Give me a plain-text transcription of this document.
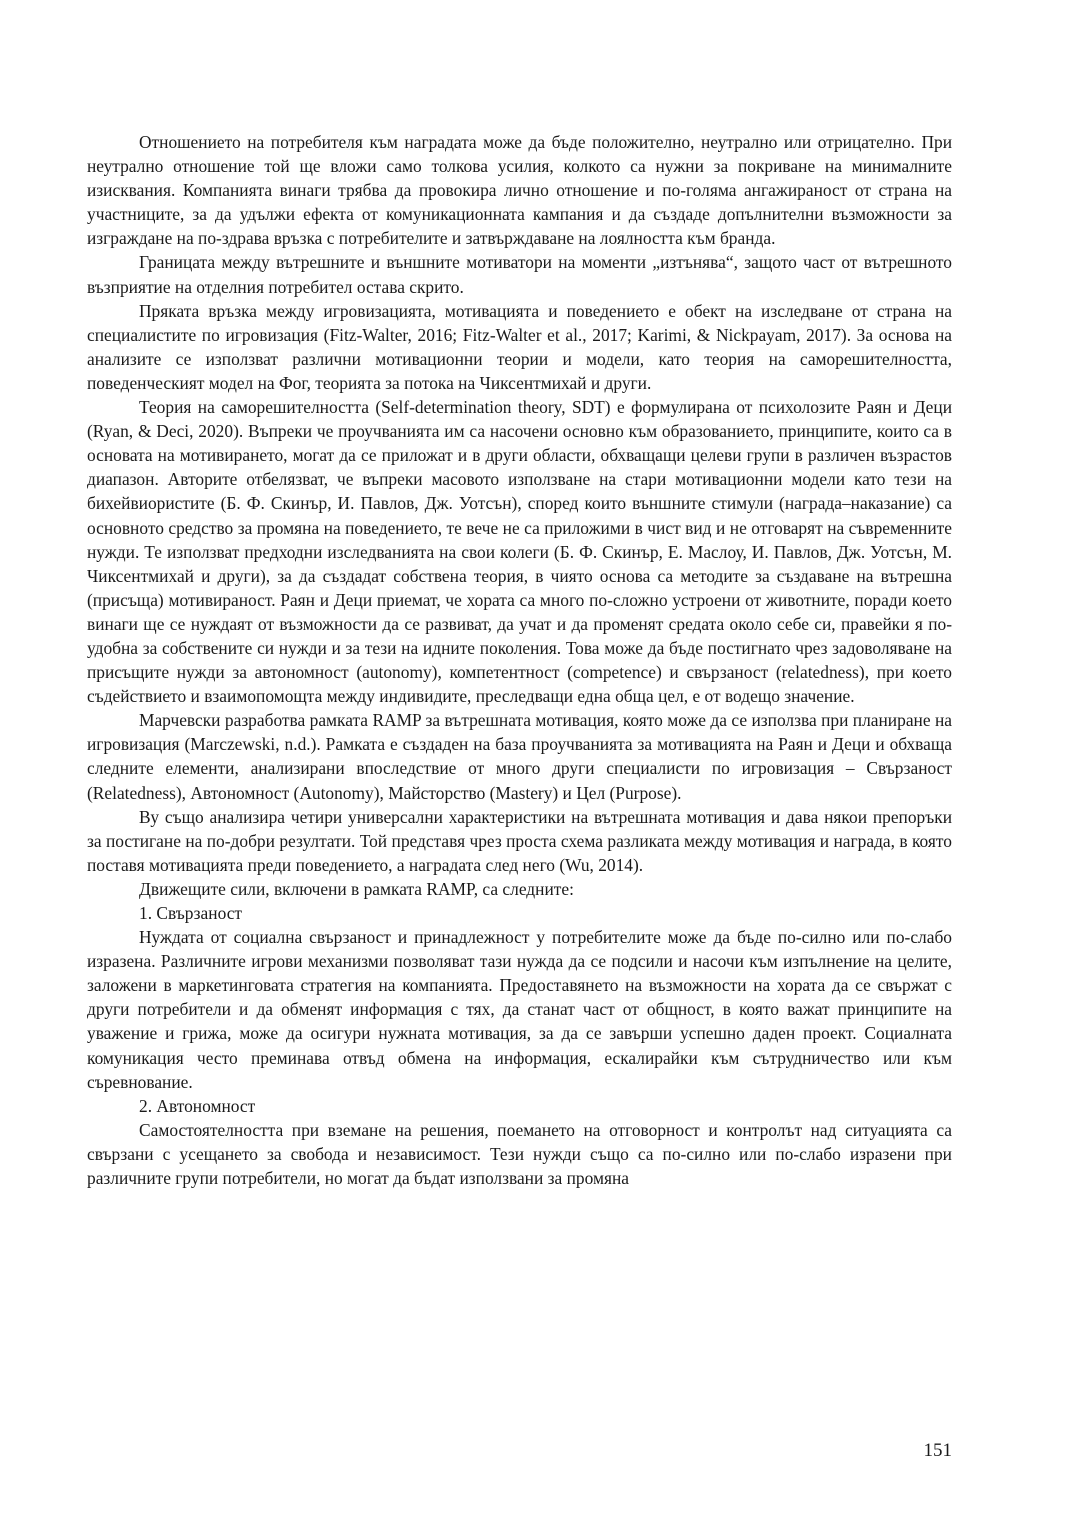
Отношението на потребителя към наградата може да бъде положително, неутрално или отрицателно. При неутрално отношение той ще вложи само толкова усилия, колкото са нужни за покриване на минималните изисквания. Компанията винаги трябва да провокира лично отношение и по-голяма ангажираност от страна на участниците, за да удължи ефекта от комуникационната кампания и да създаде допълнителни възможности за изграждане на по-здрава връзка с потребителите и затвърждаване на лоялността към бранда.

Границата между вътрешните и външните мотиватори на моменти „изтънява“, защото част от вътрешното възприятие на отделния потребител остава скрито.

Пряката връзка между игровизацията, мотивацията и поведението е обект на изследване от страна на специалистите по игровизация (Fitz-Walter, 2016; Fitz-Walter et al., 2017; Karimi, & Nickpayam, 2017). За основа на анализите се използват различни мотивационни теории и модели, като теория на саморешителността, поведенческият модел на Фог, теорията за потока на Чиксентмихай и други.

Теория на саморешителността (Self-determination theory, SDT) е формулирана от психолозите Раян и Деци (Ryan, & Deci, 2020). Въпреки че проучванията им са насочени основно към образованието, принципите, които са в основата на мотивирането, могат да се приложат и в други области, обхващащи целеви групи в различен възрастов диапазон. Авторите отбелязват, че въпреки масовото използване на стари мотивационни модели като тези на бихейвиористите (Б. Ф. Скинър, И. Павлов, Дж. Уотсън), според които външните стимули (награда–наказание) са основното средство за промяна на поведението, те вече не са приложими в чист вид и не отговарят на съвременните нужди. Те използват предходни изследванията на свои колеги (Б. Ф. Скинър, Е. Маслоу, И. Павлов, Дж. Уотсън, М. Чиксентмихай и други), за да създадат собствена теория, в чиято основа са методите за създаване на вътрешна (присъща) мотивираност. Раян и Деци приемат, че хората са много по-сложно устроени от животните, поради което винаги ще се нуждаят от възможности да се развиват, да учат и да променят средата около себе си, правейки я по-удобна за собствените си нужди и за тези на идните поколения. Това може да бъде постигнато чрез задоволяване на присъщите нужди за автономност (autonomy), компетентност (competence) и свързаност (relatedness), при което съдействието и взаимопомощта между индивидите, преследващи една обща цел, е от водещо значение.

Марчевски разработва рамката RAMP за вътрешната мотивация, която може да се използва при планиране на игровизация (Marczewski, n.d.). Рамката е създаден на база проучванията за мотивацията на Раян и Деци и обхваща следните елементи, анализирани впоследствие от много други специалисти по игровизация – Свързаност (Relatedness), Автономност (Autonomy), Майсторство (Mastery) и Цел (Purpose).

Ву също анализира четири универсални характеристики на вътрешната мотивация и дава някои препоръки за постигане на по-добри резултати. Той представя чрез проста схема разликата между мотивация и награда, в която поставя мотивацията преди поведението, а наградата след него (Wu, 2014).

Движещите сили, включени в рамката RAMP, са следните:

1. Свързаност

Нуждата от социална свързаност и принадлежност у потребителите може да бъде по-силно или по-слабо изразена. Различните игрови механизми позволяват тази нужда да се подсили и насочи към изпълнение на целите, заложени в маркетинговата стратегия на компанията. Предоставянето на възможности на хората да се свържат с други потребители и да обменят информация с тях, да станат част от общност, в която важат принципите на уважение и грижа, може да осигури нужната мотивация, за да се завърши успешно даден проект. Социалната комуникация често преминава отвъд обмена на информация, ескалирайки към сътрудничество или към съревнование.

2. Автономност

Самостоятелността при вземане на решения, поемането на отговорност и контролът над ситуацията са свързани с усещането за свобода и независимост. Тези нужди също са по-силно или по-слабо изразени при различните групи потребители, но могат да бъдат използвани за промяна

151
